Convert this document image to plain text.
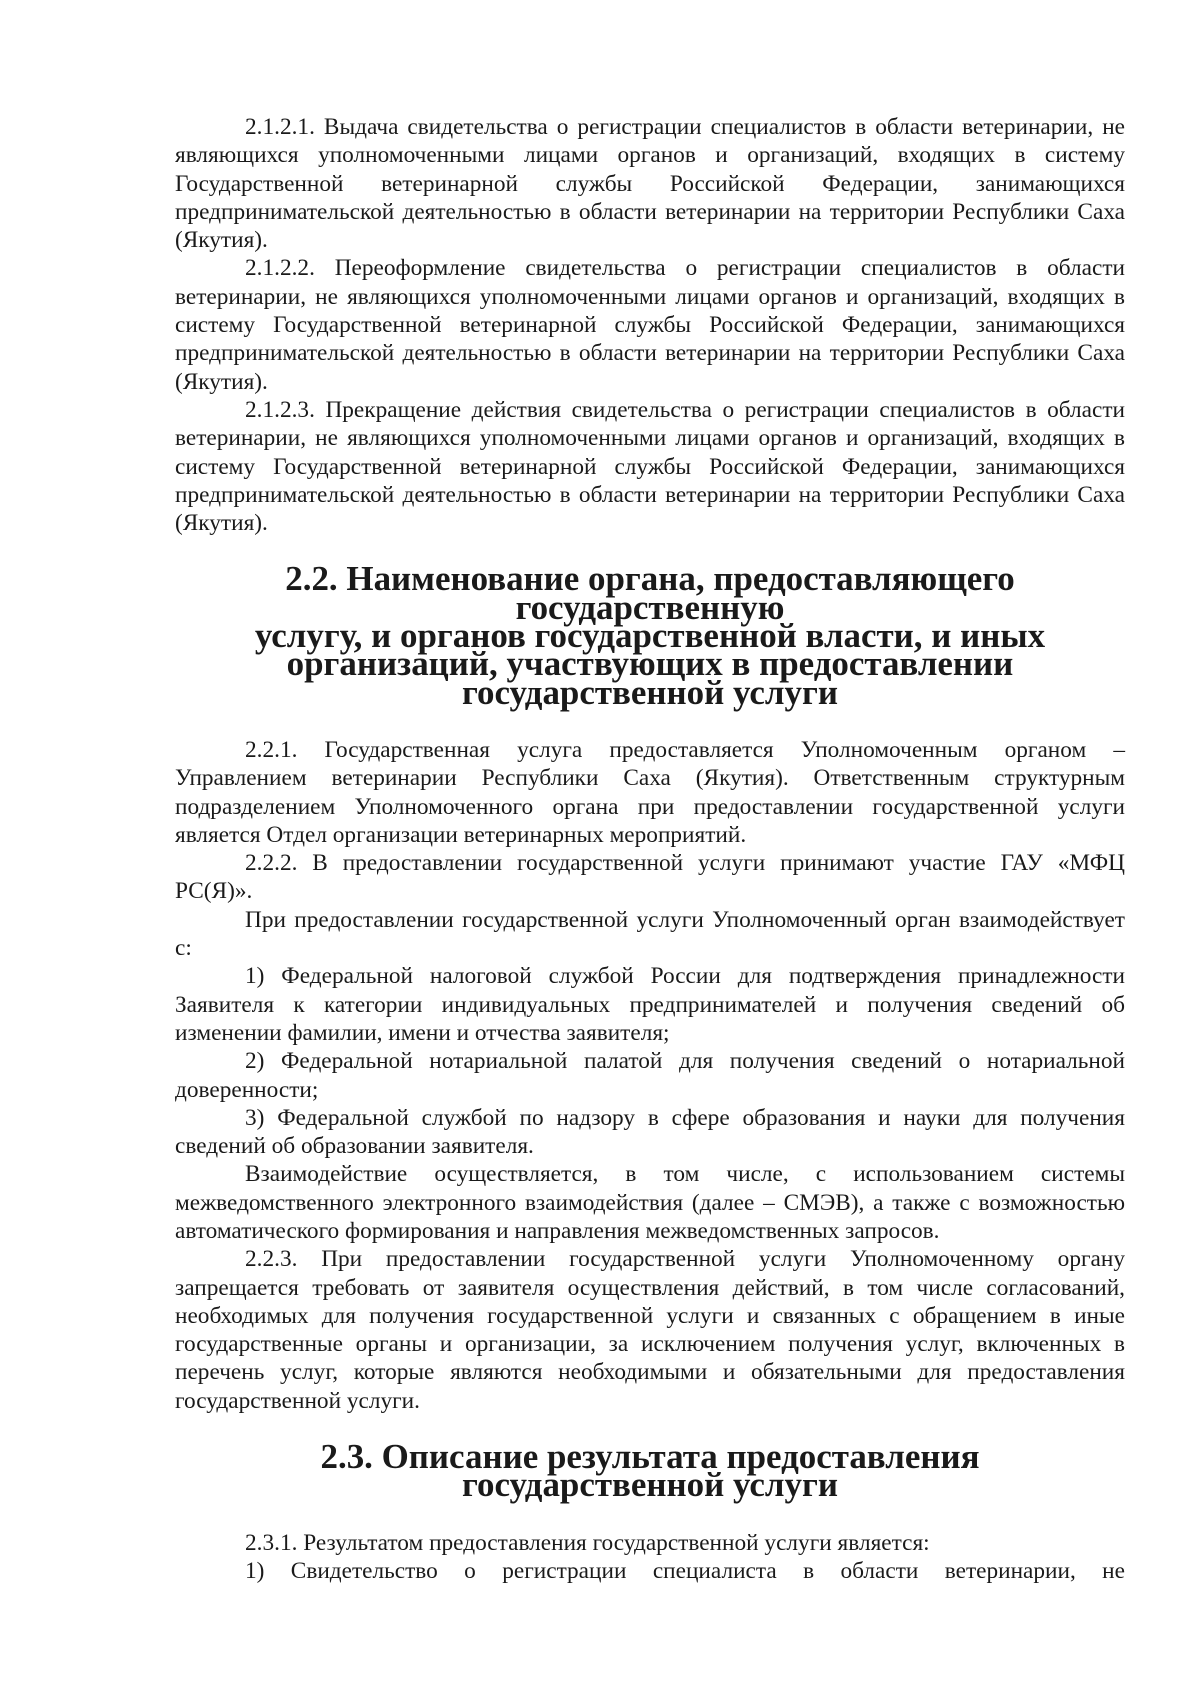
2.1.2.1. Выдача свидетельства о регистрации специалистов в области ветеринарии, не являющихся уполномоченными лицами органов и организаций, входящих в систему Государственной ветеринарной службы Российской Федерации, занимающихся предпринимательской деятельностью в области ветеринарии на территории Республики Саха (Якутия).

2.1.2.2. Переоформление свидетельства о регистрации специалистов в области ветеринарии, не являющихся уполномоченными лицами органов и организаций, входящих в систему Государственной ветеринарной службы Российской Федерации, занимающихся предпринимательской деятельностью в области ветеринарии на территории Республики Саха (Якутия).

2.1.2.3. Прекращение действия свидетельства о регистрации специалистов в области ветеринарии, не являющихся уполномоченными лицами органов и организаций, входящих в систему Государственной ветеринарной службы Российской Федерации, занимающихся предпринимательской деятельностью в области ветеринарии на территории Республики Саха (Якутия).

2.2. Наименование органа, предоставляющего государственную
услугу, и органов государственной власти, и иных
организаций, участвующих в предоставлении
государственной услуги

2.2.1. Государственная услуга предоставляется Уполномоченным органом – Управлением ветеринарии Республики Саха (Якутия). Ответственным структурным подразделением Уполномоченного органа при предоставлении государственной услуги является Отдел организации ветеринарных мероприятий.

2.2.2. В предоставлении государственной услуги принимают участие ГАУ «МФЦ РС(Я)».

При предоставлении государственной услуги Уполномоченный орган взаимодействует с:

1) Федеральной налоговой службой России для подтверждения принадлежности Заявителя к категории индивидуальных предпринимателей и получения сведений об изменении фамилии, имени и отчества заявителя;

2) Федеральной нотариальной палатой для получения сведений о нотариальной доверенности;

3) Федеральной службой по надзору в сфере образования и науки для получения сведений об образовании заявителя.

Взаимодействие осуществляется, в том числе, с использованием системы межведомственного электронного взаимодействия (далее – СМЭВ), а также с возможностью автоматического формирования и направления межведомственных запросов.

2.2.3. При предоставлении государственной услуги Уполномоченному органу запрещается требовать от заявителя осуществления действий, в том числе согласований, необходимых для получения государственной услуги и связанных с обращением в иные государственные органы и организации, за исключением получения услуг, включенных в перечень услуг, которые являются необходимыми и обязательными для предоставления государственной услуги.

2.3. Описание результата предоставления
государственной услуги

2.3.1. Результатом предоставления государственной услуги является:

1) Свидетельство о регистрации специалиста в области ветеринарии, не
